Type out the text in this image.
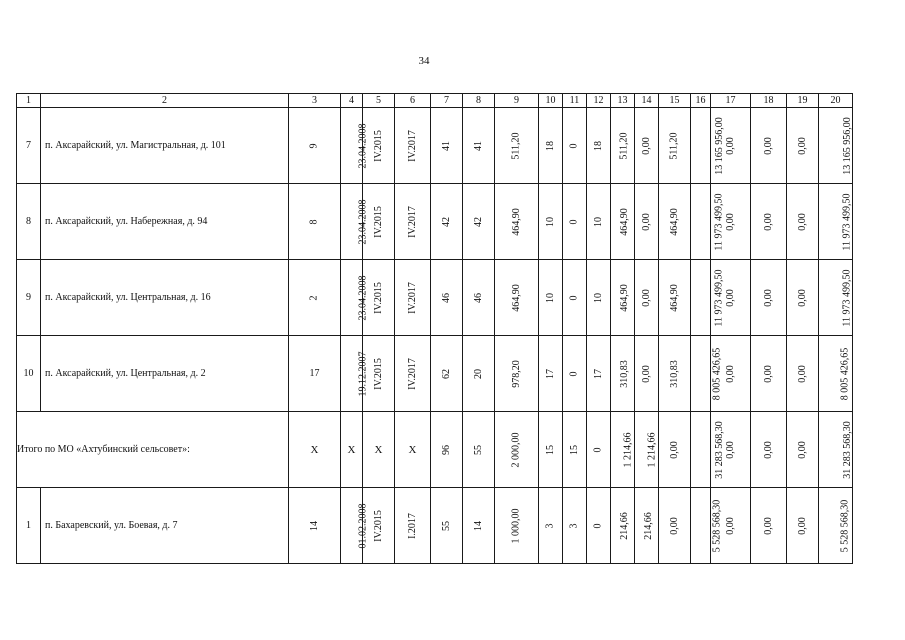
34
1	2	3	4	5	6	7	8	9	10	11	12	13	14	15	16	17	18	19	20
7	п. Аксарайский, ул. Магистральная, д. 101	9	23.04.2008	IV.2015	IV.2017	41	41	511,20	18	0	18	511,20	0,00	511,20	13 165 956,00	0,00	0,00	0,00	13 165 956,00
8	п. Аксарайский, ул. Набережная, д. 94	8	23.04.2008	IV.2015	IV.2017	42	42	464,90	10	0	10	464,90	0,00	464,90	11 973 499,50	0,00	0,00	0,00	11 973 499,50
9	п. Аксарайский, ул. Центральная, д. 16	2	23.04.2008	IV.2015	IV.2017	46	46	464,90	10	0	10	464,90	0,00	464,90	11 973 499,50	0,00	0,00	0,00	11 973 499,50
10	п. Аксарайский, ул. Центральная, д. 2	17	19.12.2007	IV.2015	IV.2017	62	20	978,20	17	0	17	310,83	0,00	310,83	8 005 426,65	0,00	0,00	0,00	8 005 426,65
Итого по МО «Ахтубинский сельсовет»:		X	X	X	X	96	55	2 000,00	15	15	0	1 214,66	1 214,66	0,00	31 283 568,30	0,00	0,00	0,00	31 283 568,30
1	п. Бахаревский, ул. Боевая, д. 7	14	01.02.2008	IV.2015	I.2017	55	14	1 000,00	3	3	0	214,66	214,66	0,00	5 528 568,30	0,00	0,00	0,00	5 528 568,30
